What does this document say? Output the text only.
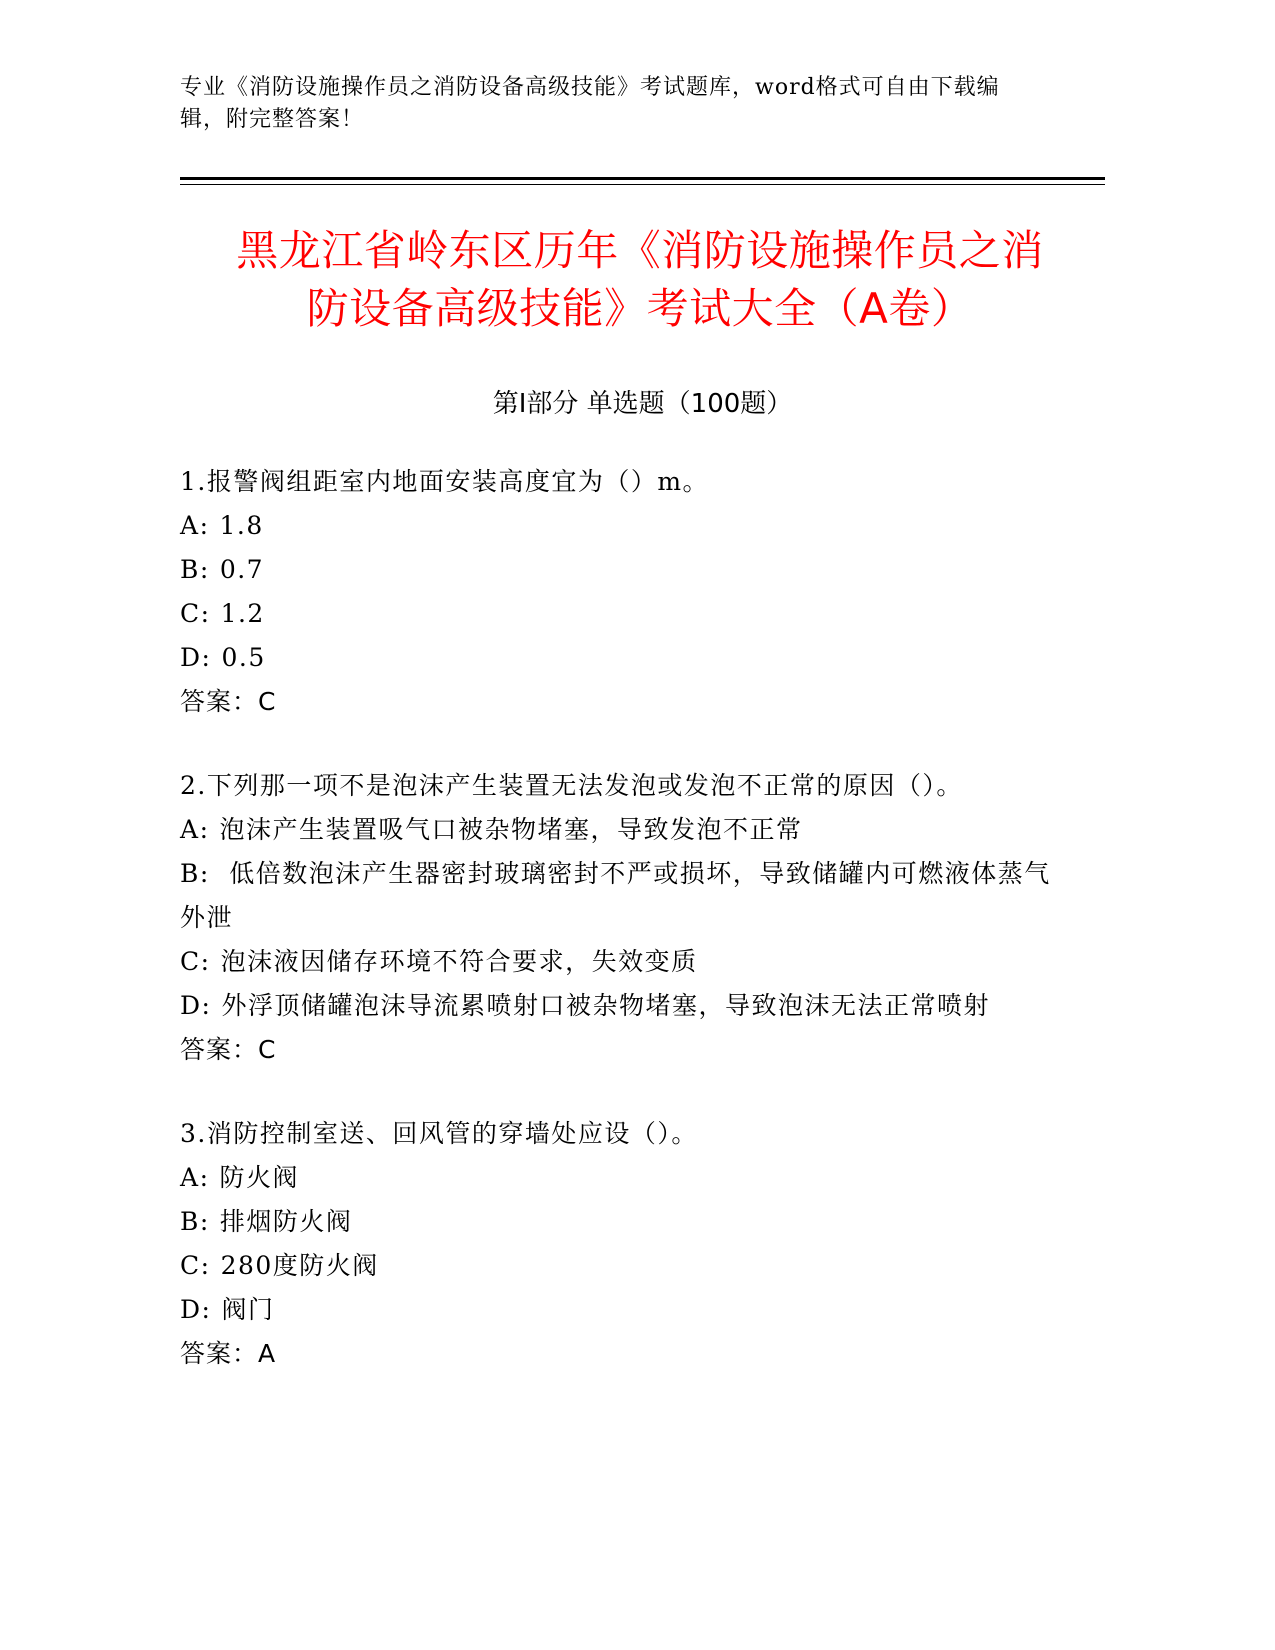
专业《消防设施操作员之消防设备高级技能》考试题库，word格式可自由下载编辑，附完整答案！
黑龙江省岭东区历年《消防设施操作员之消
防设备高级技能》考试大全（A卷）
第Ⅰ部分 单选题（100题）
1.报警阀组距室内地面安装高度宜为（）m。
A : 1.8
B : 0.7
C : 1.2
D : 0.5
答案：C
2.下列那一项不是泡沫产生装置无法发泡或发泡不正常的原因（）。
A : 泡沫产生装置吸气口被杂物堵塞，导致发泡不正常
B: 低倍数泡沫产生器密封玻璃密封不严或损坏，导致储罐内可燃液体蒸气外泄
C : 泡沫液因储存环境不符合要求，失效变质
D : 外浮顶储罐泡沫导流累喷射口被杂物堵塞，导致泡沫无法正常喷射
答案：C
3.消防控制室送、回风管的穿墙处应设（）。
A : 防火阀
B : 排烟防火阀
C : 280度防火阀
D : 阀门
答案：A
